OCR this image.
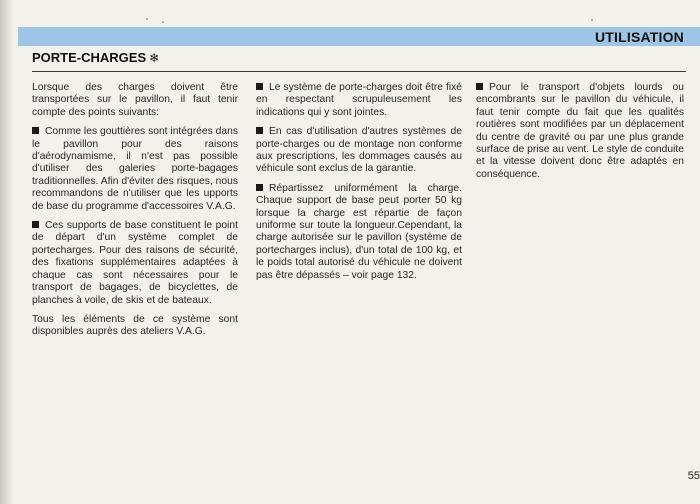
UTILISATION
PORTE-CHARGES ❄

Lorsque des charges doivent être transportées sur le pavillon, il faut tenir compte des points suivants:

Comme les gouttières sont intégrées dans le pavillon pour des raisons d'aérodynamisme, il n'est pas possible d'utiliser des galeries porte-bagages traditionnelles. Afin d'éviter des risques, nous recommandons de n'utiliser que les upports de base du programme d'accessoires V.A.G.

Ces supports de base constituent le point de départ d'un système complet de portecharges. Pour des raisons de sécurité, des fixations supplémentaires adaptées à chaque cas sont nécessaires pour le transport de bagages, de bicyclettes, de planches à voile, de skis et de bateaux.

Tous les éléments de ce système sont disponibles auprès des ateliers V.A.G.

Le système de porte-charges doit être fixé en respectant scrupuleusement les indications qui y sont jointes.

En cas d'utilisation d'autres systèmes de porte-charges ou de montage non conforme aux prescriptions, les dommages causés au véhicule sont exclus de la garantie.

Répartissez uniformément la charge. Chaque support de base peut porter 50 kg lorsque la charge est répartie de façon uniforme sur toute la longueur.Cependant, la charge autorisée sur le pavillon (système de portecharges inclus), d'un total de 100 kg, et le poids total autorisé du véhicule ne doivent pas être dépassés – voir page 132.

Pour le transport d'objets lourds ou encombrants sur le pavillon du véhicule, il faut tenir compte du fait que les qualités routières sont modifiées par un déplacement du centre de gravité ou par une plus grande surface de prise au vent. Le style de conduite et la vitesse doivent donc être adaptés en conséquence.

55
